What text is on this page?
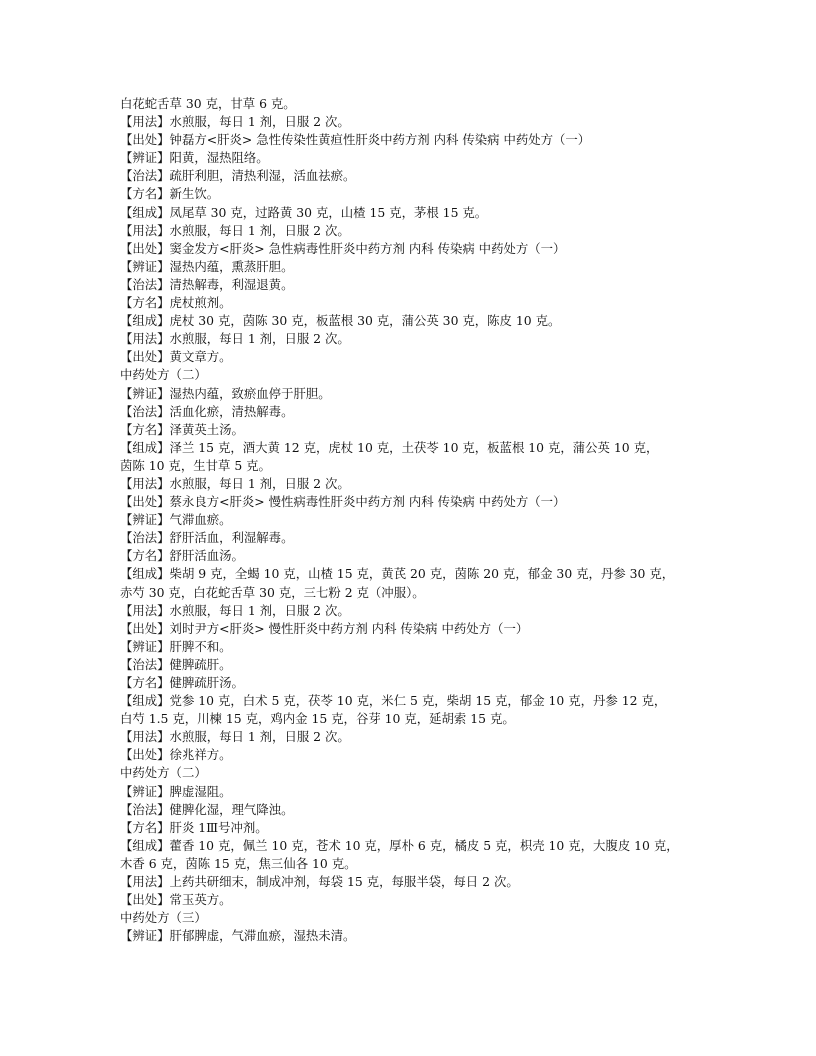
白花蛇舌草 30 克，甘草 6 克。
【用法】水煎服，每日 1 剂，日服 2 次。
【出处】钟磊方<肝炎> 急性传染性黄疸性肝炎中药方剂 内科 传染病 中药处方（一）
【辨证】阳黄，湿热阻络。
【治法】疏肝利胆，清热利湿，活血祛瘀。
【方名】新生饮。
【组成】凤尾草 30 克，过路黄 30 克，山楂 15 克，茅根 15 克。
【用法】水煎服，每日 1 剂，日服 2 次。
【出处】窦金发方<肝炎> 急性病毒性肝炎中药方剂 内科 传染病 中药处方（一）
【辨证】湿热内蕴，熏蒸肝胆。
【治法】清热解毒，利湿退黄。
【方名】虎杖煎剂。
【组成】虎杖 30 克，茵陈 30 克，板蓝根 30 克，蒲公英 30 克，陈皮 10 克。
【用法】水煎服，每日 1 剂，日服 2 次。
【出处】黄文章方。
中药处方（二）
【辨证】湿热内蕴，致瘀血停于肝胆。
【治法】活血化瘀，清热解毒。
【方名】泽黄英土汤。
【组成】泽兰 15 克，酒大黄 12 克，虎杖 10 克，土茯苓 10 克，板蓝根 10 克，蒲公英 10 克，
茵陈 10 克，生甘草 5 克。
【用法】水煎服，每日 1 剂，日服 2 次。
【出处】蔡永良方<肝炎> 慢性病毒性肝炎中药方剂 内科 传染病 中药处方（一）
【辨证】气滞血瘀。
【治法】舒肝活血，利湿解毒。
【方名】舒肝活血汤。
【组成】柴胡 9 克，全蝎 10 克，山楂 15 克，黄芪 20 克，茵陈 20 克，郁金 30 克，丹参 30 克，
赤芍 30 克，白花蛇舌草 30 克，三七粉 2 克（冲服）。
【用法】水煎服，每日 1 剂，日服 2 次。
【出处】刘时尹方<肝炎> 慢性肝炎中药方剂 内科 传染病 中药处方（一）
【辨证】肝脾不和。
【治法】健脾疏肝。
【方名】健脾疏肝汤。
【组成】党参 10 克，白术 5 克，茯苓 10 克，米仁 5 克，柴胡 15 克，郁金 10 克，丹参 12 克，
白芍 1.5 克，川楝 15 克，鸡内金 15 克，谷芽 10 克，延胡索 15 克。
【用法】水煎服，每日 1 剂，日服 2 次。
【出处】徐兆祥方。
中药处方（二）
【辨证】脾虚湿阻。
【治法】健脾化湿，理气降浊。
【方名】肝炎 1Ⅲ号冲剂。
【组成】藿香 10 克，佩兰 10 克，苍术 10 克，厚朴 6 克，橘皮 5 克，枳壳 10 克，大腹皮 10 克，
木香 6 克，茵陈 15 克，焦三仙各 10 克。
【用法】上药共研细末，制成冲剂，每袋 15 克，每服半袋，每日 2 次。
【出处】常玉英方。
中药处方（三）
【辨证】肝郁脾虚，气滞血瘀，湿热未清。
